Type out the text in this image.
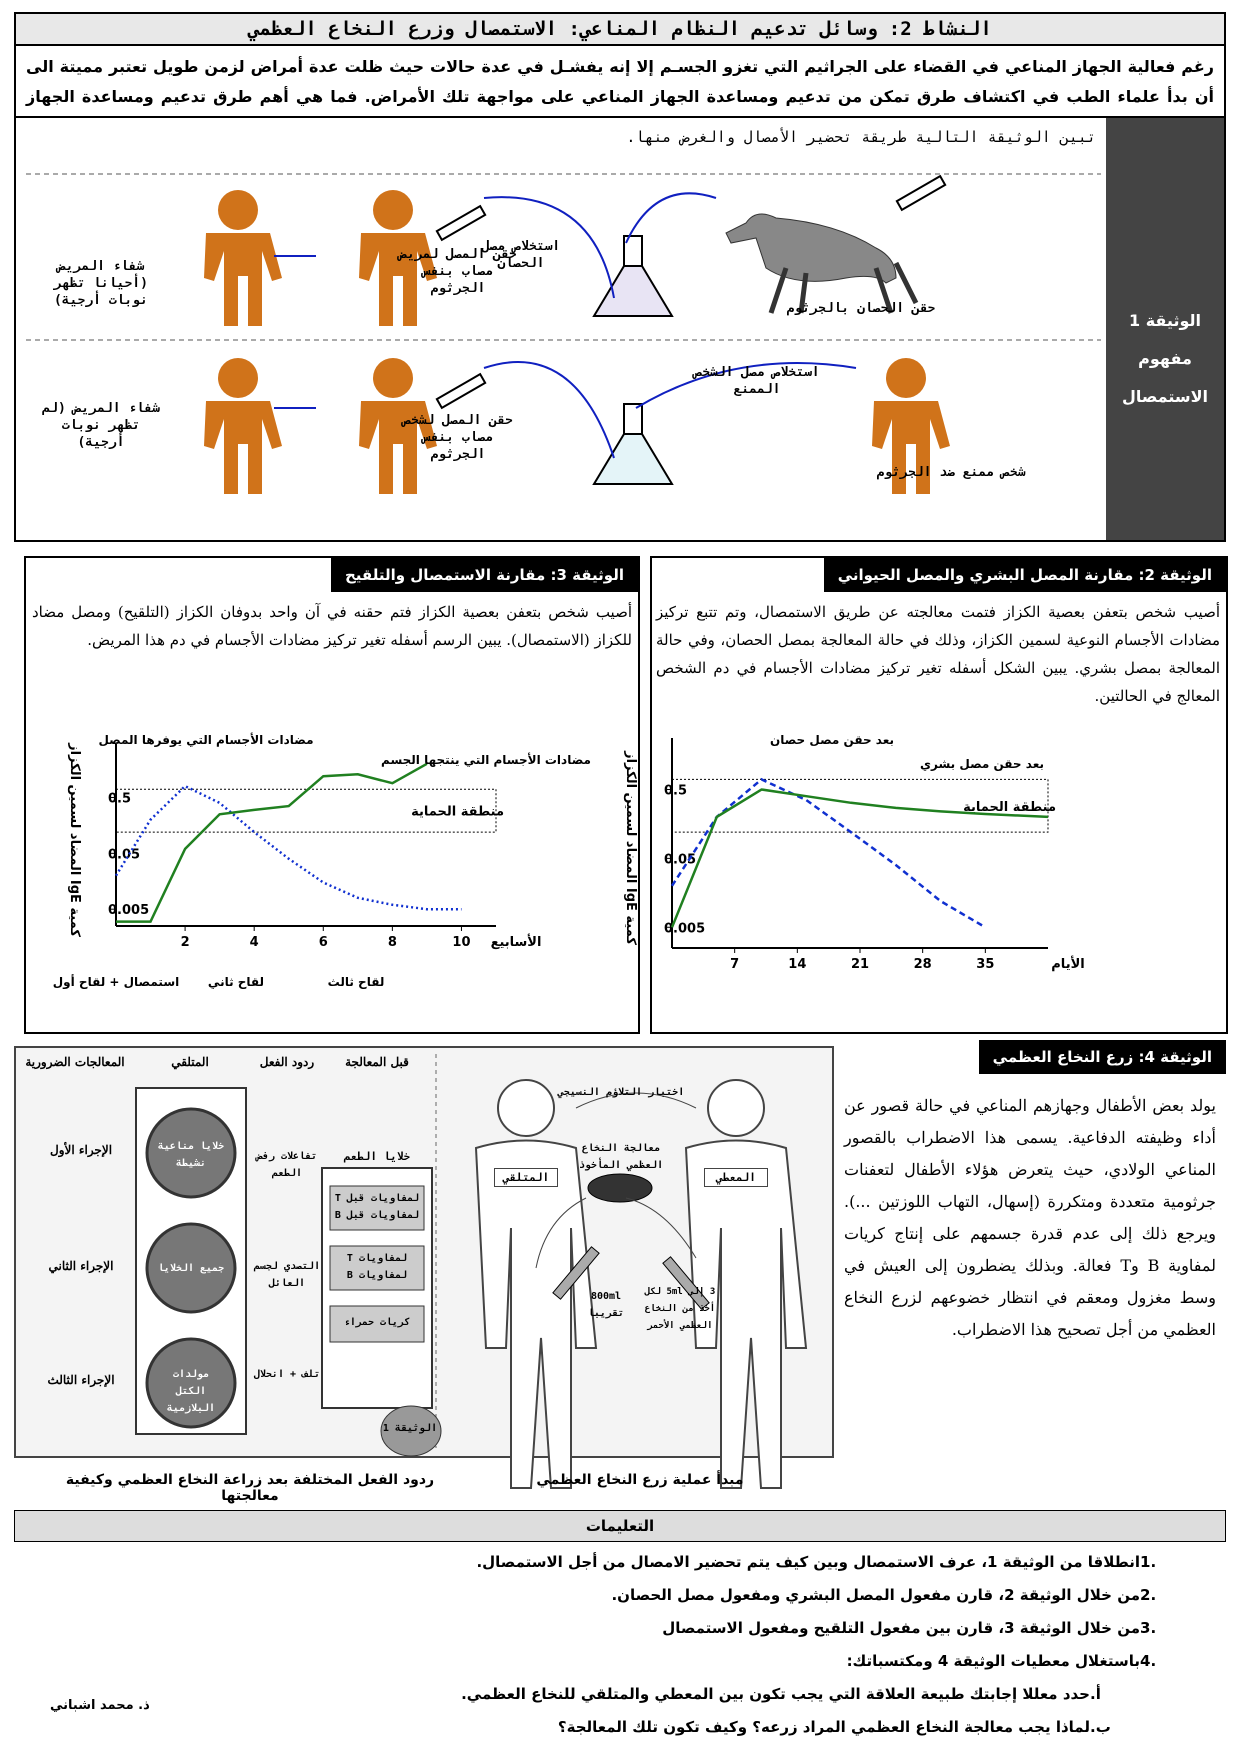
النشاط 2: وسائل تدعيم النظام المناعي: الاستمصال وزرع النخاع العظمي
رغم فعالية الجهاز المناعي في القضاء على الجراثيم التي تغزو الجسـم إلا إنه يفشـل في عدة حالات حيث ظلت عدة أمراض لزمن طويل تعتبر مميتة الى أن بدأ علماء الطب في اكتشاف طرق تمكن من تدعيم ومساعدة الجهاز المناعي على مواجهة تلك الأمراض. فما هي أهم طرق تدعيم ومساعدة الجهاز
الوثيقة 1
مفهوم
الاستمصال
تبين الوثيقة التالية طريقة تحضير الأمصال والغرض منها.
استخلاص مصل الحصان
حقن الحصان بالجرثوم
حقن المصل لمريض مصاب بنفس الجرثوم
شفاء المريض (أحيانا تظهر نوبات أرجية)
استخلاص مصل الشخص الممنع
شخص ممنع ضد الجرثوم
حقن المصل لشخص مصاب بنفس الجرثوم
شفاء المريض (لم تظهر نوبات أرجية)
الوثيقة 3: مقارنة الاستمصال والتلقيح
أصيب شخص بتعفن بعصية الكزاز فتم حقنه في آن واحد بدوفان الكزاز (التلقيح) ومصل مضاد للكزاز (الاستمصال). يبين الرسم أسفله تغير تركيز مضادات الأجسام في دم هذا المريض.
منطقة الحماية
0.5
0.05
0.005
2	4	6	8	10 الأسابيع
كمية IgE المضاد لسمين الكزاز
مضادات الأجسام التي يوفرها المصل
مضادات الأجسام التي ينتجها الجسم
استمصال + لقاح أول لقاح ثاني	لقاح ثالث
الوثيقة 2: مقارنة المصل البشري والمصل الحيواني
أصيب شخص بتعفن بعصية الكزاز فتمت معالجته عن طريق الاستمصال، وتم تتبع تركيز مضادات الأجسام النوعية لسمين الكزاز، وذلك في حالة المعالجة بمصل الحصان، وفي حالة المعالجة بمصل بشري. يبين الشكل أسفله تغير تركيز مضادات الأجسام في دم الشخص المعالج في الحالتين.
منطقة الحماية
0.5
0.05
0.005
7	14	21	28	35	الأيام
كمية IgE المضاد لسمين الكزاز
بعد حقن مصل حصان
بعد حقن مصل بشري
الوثيقة 4: زرع النخاع العظمي
يولد بعض الأطفال وجهازهم المناعي في حالة قصور عن أداء وظيفته الدفاعية. يسمى هذا الاضطراب بالقصور المناعي الولادي، حيث يتعرض هؤلاء الأطفال لتعفنات جرثومية متعددة ومتكررة (إسهال، التهاب اللوزتين ...). ويرجع ذلك إلى عدم قدرة جسمهم على إنتاج كريات لمفاوية B وT فعالة. وبذلك يضطرون إلى العيش في وسط مغزول ومعقم في انتظار خضوعهم لزرع النخاع العظمي من أجل تصحيح هذا الاضطراب.
المعالجات الضرورية	المتلقي	ردود الفعل	قبل المعالجة
الإجراء الأول
الإجراء الثاني
الإجراء الثالث
خلايا مناعية نشيطة
جميع الخلايا
مولدات الكتل البلازمية
تفاعلات رفض الطعم
التصدي لجسم العائل
تلف + انحلال
خلايا الطعم
لمفاويات قبل T لمفاويات قبل B
لمفاويات T لمفاويات B
كريات حمراء
الوثيقة 1
اختبار التلاؤم النسيجي
معالجة النخاع العظمي المأخوذ
المتلقي	المعطي
800ml تقريبا
3 إلى 5ml لكل أخذ من النخاع العظمي الأحمر
ردود الفعل المختلفة بعد زراعة النخاع العظمي وكيفية معالجتها
مبدأ عملية زرع النخاع العظمي
التعليمات
.1انطلاقا من الوثيقة 1، عرف الاستمصال وبين كيف يتم تحضير الامصال من أجل الاستمصال.
.2من خلال الوثيقة 2، قارن مفعول المصل البشري ومفعول مصل الحصان.
.3من خلال الوثيقة 3، قارن بين مفعول التلقيح ومفعول الاستمصال
.4باستغلال معطيات الوثيقة 4 ومكتسباتك:
أ.حدد معللا إجابتك طبيعة العلاقة التي يجب تكون بين المعطي والمتلقي للنخاع العظمي.
ب.لماذا يجب معالجة النخاع العظمي المراد زرعه؟ وكيف تكون تلك المعالجة؟
ذ. محمد اشباني
